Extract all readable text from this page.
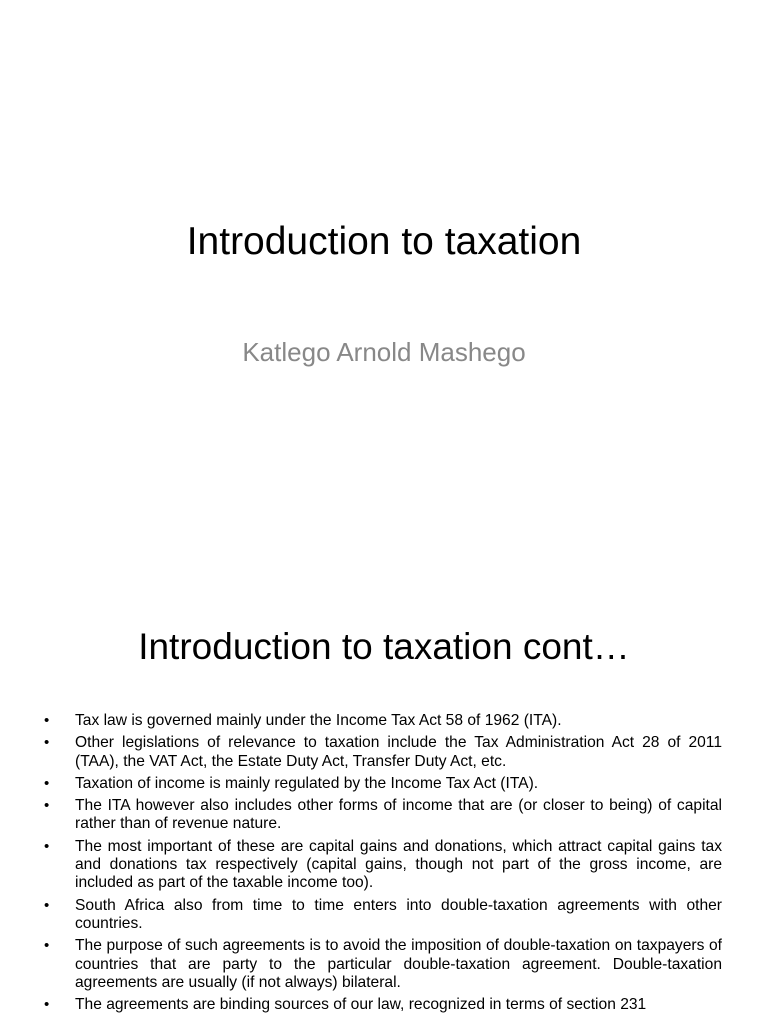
Introduction to taxation

Katlego Arnold Mashego

Introduction to taxation cont…
• Tax law is governed mainly under the Income Tax Act 58 of 1962 (ITA).
• Other legislations of relevance to taxation include the Tax Administration Act 28 of 2011 (TAA), the VAT Act, the Estate Duty Act, Transfer Duty Act, etc.
• Taxation of income is mainly regulated by the Income Tax Act (ITA).
• The ITA however also includes other forms of income that are (or closer to being) of capital rather than of revenue nature.
• The most important of these are capital gains and donations, which attract capital gains tax and donations tax respectively (capital gains, though not part of the gross income, are included as part of the taxable income too).
• South Africa also from time to time enters into double-taxation agreements with other countries.
• The purpose of such agreements is to avoid the imposition of double-taxation on taxpayers of countries that are party to the particular double-taxation agreement. Double-taxation agreements are usually (if not always) bilateral.
• The agreements are binding sources of our law, recognized in terms of section 231
